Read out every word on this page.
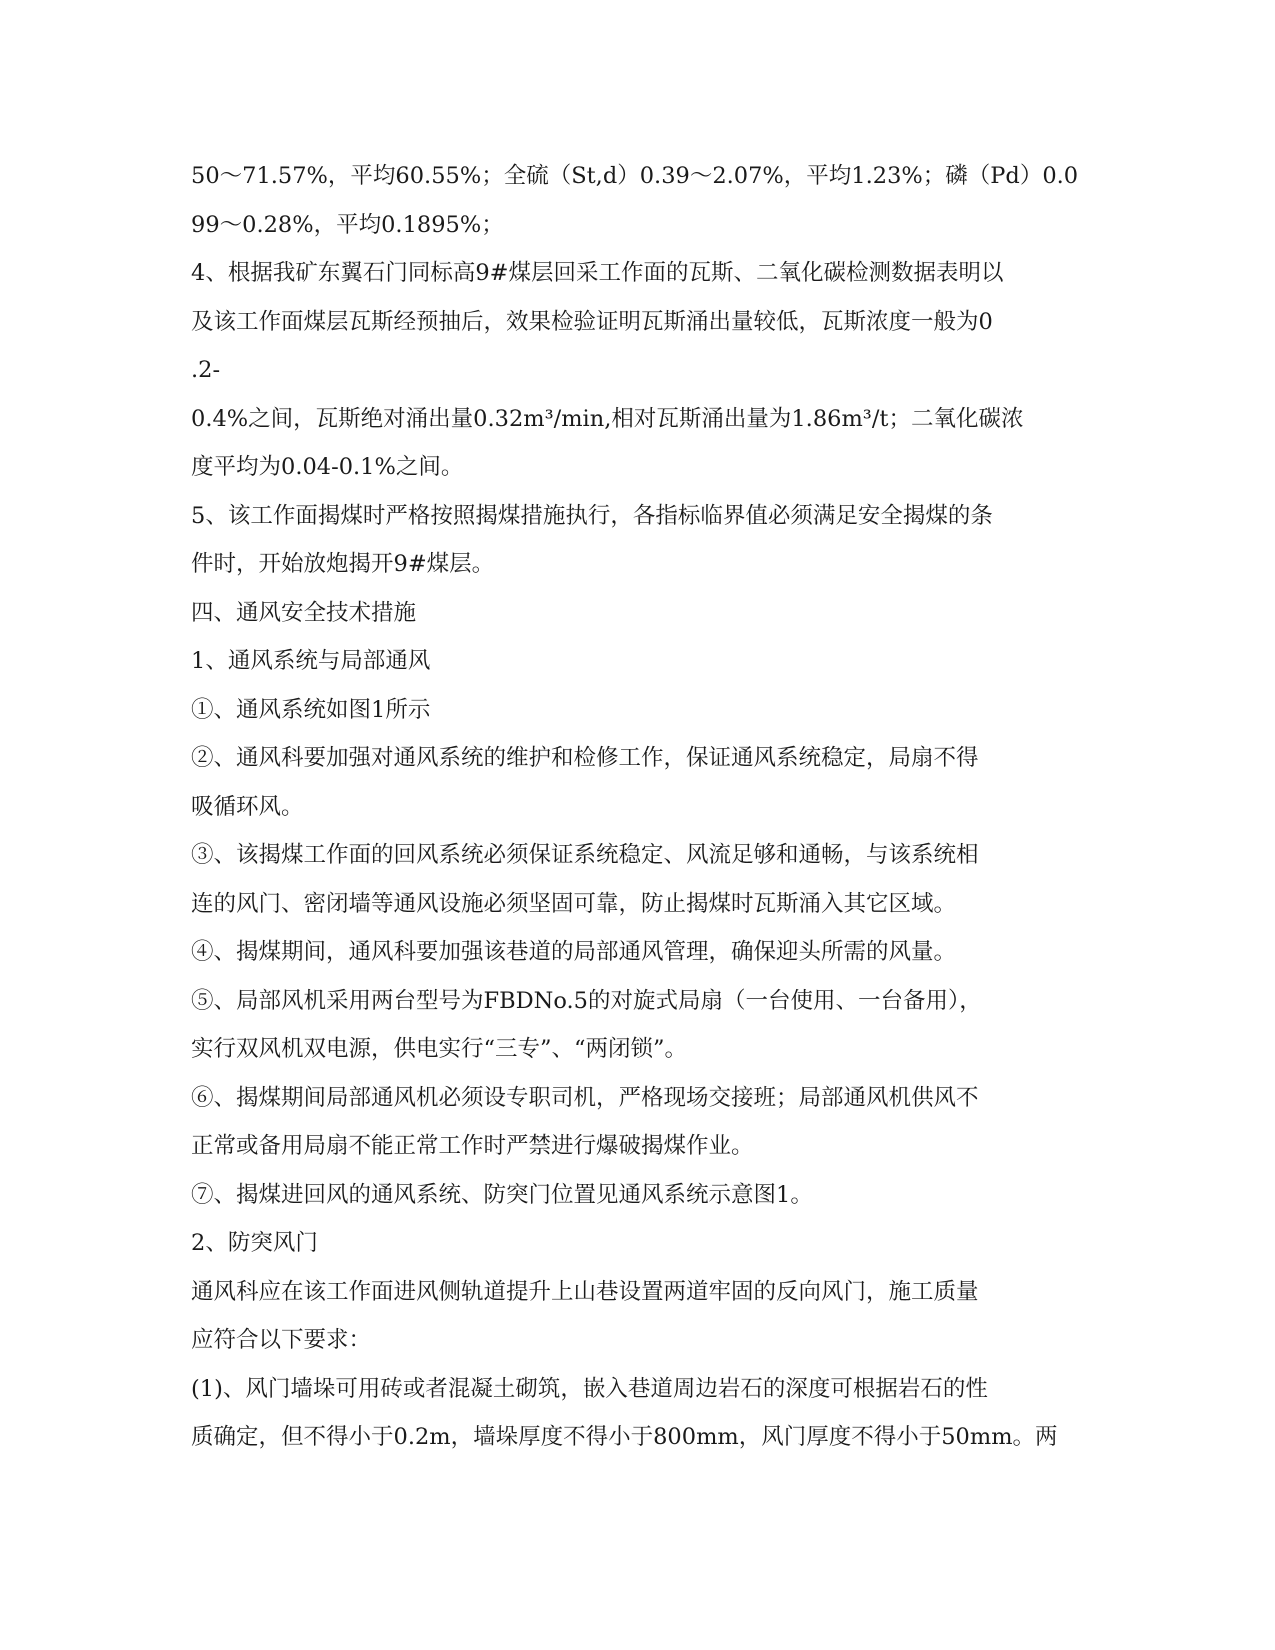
50～71.57%，平均60.55%；全硫（St,d）0.39～2.07%，平均1.23%；磷（Pd）0.0
99～0.28%，平均0.1895%；
4、根据我矿东翼石门同标高9#煤层回采工作面的瓦斯、二氧化碳检测数据表明以
及该工作面煤层瓦斯经预抽后，效果检验证明瓦斯涌出量较低，瓦斯浓度一般为0
.2-
0.4%之间，瓦斯绝对涌出量0.32m³/min,相对瓦斯涌出量为1.86m³/t；二氧化碳浓
度平均为0.04-0.1%之间。
5、该工作面揭煤时严格按照揭煤措施执行，各指标临界值必须满足安全揭煤的条
件时，开始放炮揭开9#煤层。
四、通风安全技术措施
1、通风系统与局部通风
①、通风系统如图1所示
②、通风科要加强对通风系统的维护和检修工作，保证通风系统稳定，局扇不得
吸循环风。
③、该揭煤工作面的回风系统必须保证系统稳定、风流足够和通畅，与该系统相
连的风门、密闭墙等通风设施必须坚固可靠，防止揭煤时瓦斯涌入其它区域。
④、揭煤期间，通风科要加强该巷道的局部通风管理，确保迎头所需的风量。
⑤、局部风机采用两台型号为FBDNo.5的对旋式局扇（一台使用、一台备用），
实行双风机双电源，供电实行“三专”、“两闭锁”。
⑥、揭煤期间局部通风机必须设专职司机，严格现场交接班；局部通风机供风不
正常或备用局扇不能正常工作时严禁进行爆破揭煤作业。
⑦、揭煤进回风的通风系统、防突门位置见通风系统示意图1。
2、防突风门
通风科应在该工作面进风侧轨道提升上山巷设置两道牢固的反向风门，施工质量
应符合以下要求：
(1)、风门墙垛可用砖或者混凝土砌筑，嵌入巷道周边岩石的深度可根据岩石的性
质确定，但不得小于0.2m，墙垛厚度不得小于800mm，风门厚度不得小于50mm。两
